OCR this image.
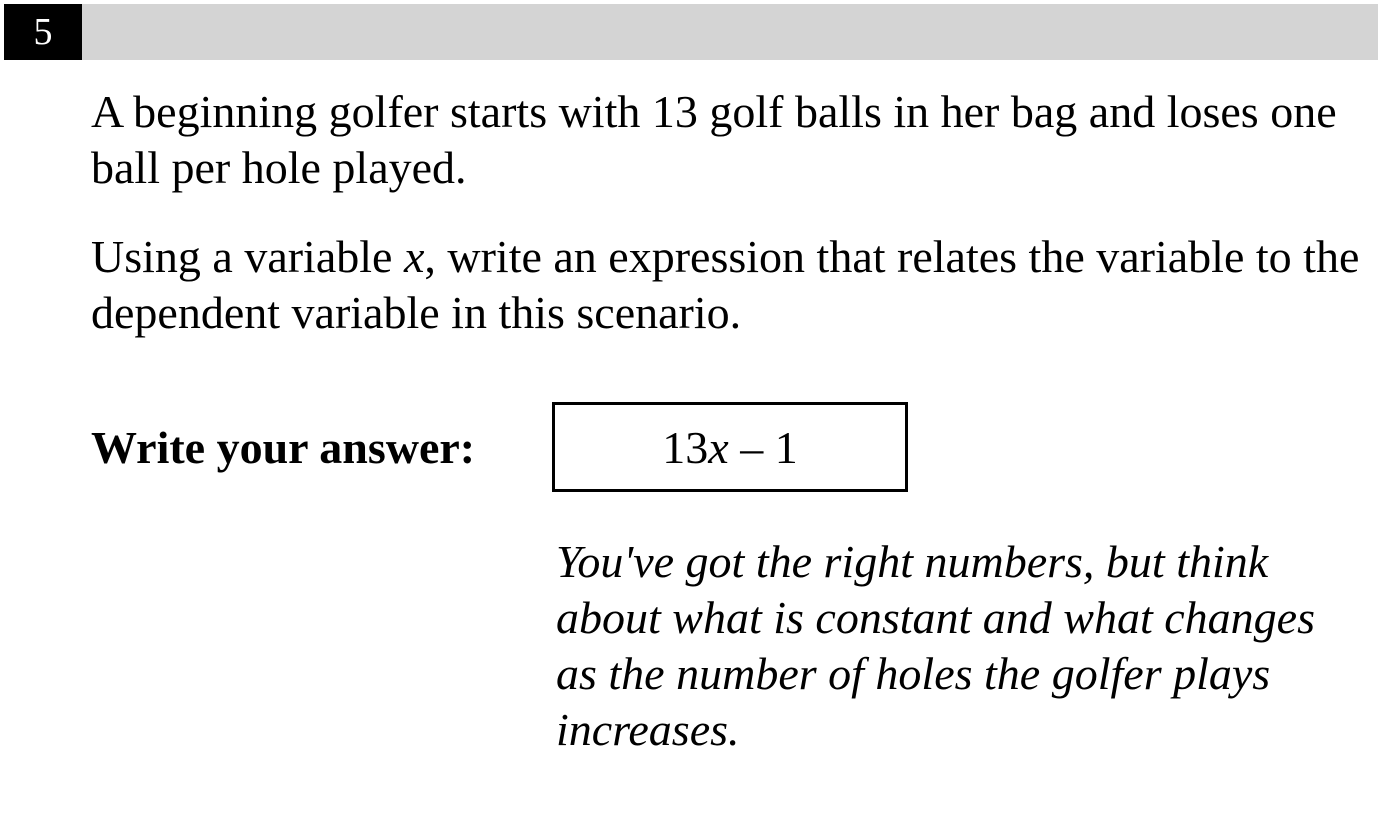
5

A beginning golfer starts with 13 golf balls in her bag and loses one ball per hole played.

Using a variable x, write an expression that relates the variable to the dependent variable in this scenario.

Write your answer:	13 x – 1

You've got the right numbers, but think about what is constant and what changes as the number of holes the golfer plays increases.
